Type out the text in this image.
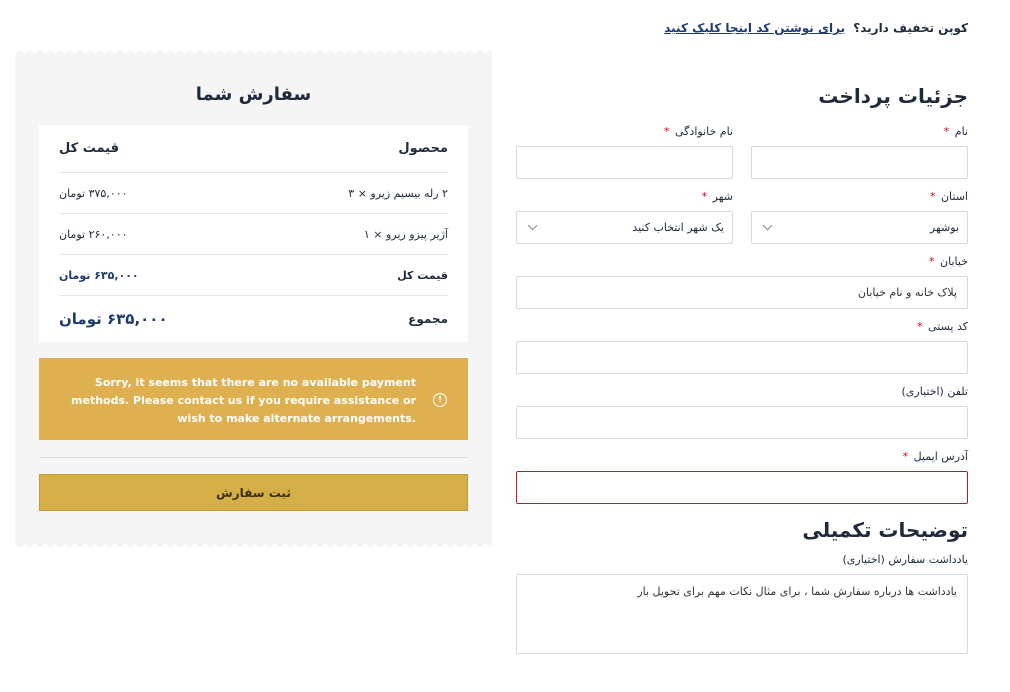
کوپن تخفیف دارید؟ برای نوشتن کد اینجا کلیک کنید
جزئیات پرداخت
نام *
نام خانوادگی *
استان *
بوشهر
شهر *
یک شهر انتخاب کنید
خیابان *
پلاک خانه و نام خیابان
کد پستی *
تلفن (اختیاری)
آدرس ایمیل *
توضیحات تکمیلی
یادداشت سفارش (اختیاری)
یادداشت ها درباره سفارش شما ، برای مثال نکات مهم برای تحویل بار
سفارش شما
محصول
قیمت کل
۲ رله بیسیم زیرو × ۳
۳۷۵,۰۰۰ تومان
آژیر پیزو زیرو × ۱
۲۶۰,۰۰۰ تومان
قیمت کل
۶۳۵,۰۰۰ تومان
مجموع
۶۳۵,۰۰۰ تومان
!
Sorry, it seems that there are no available payment methods. Please contact us if you require assistance or wish to make alternate arrangements.
ثبت سفارش
